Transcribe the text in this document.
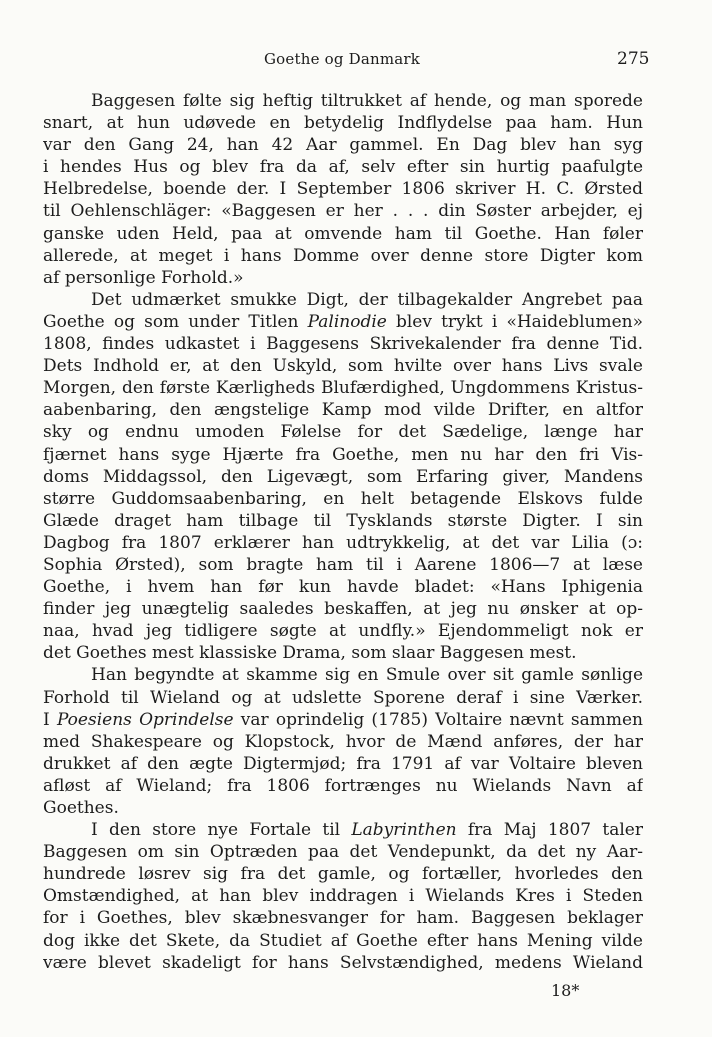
Goethe og Danmark	275
Baggesen følte sig heftig tiltrukket af hende, og man sporede
snart, at hun udøvede en betydelig Indflydelse paa ham. Hun
var den Gang 24, han 42 Aar gammel. En Dag blev han syg
i hendes Hus og blev fra da af, selv efter sin hurtig paafulgte
Helbredelse, boende der. I September 1806 skriver H. C. Ørsted
til Oehlenschläger: «Baggesen er her . . . din Søster arbejder, ej
ganske uden Held, paa at omvende ham til Goethe. Han føler
allerede, at meget i hans Domme over denne store Digter kom
af personlige Forhold.»
Det udmærket smukke Digt, der tilbagekalder Angrebet paa
Goethe og som under Titlen Palinodie blev trykt i «Haideblumen»
1808, findes udkastet i Baggesens Skrivekalender fra denne Tid.
Dets Indhold er, at den Uskyld, som hvilte over hans Livs svale
Morgen, den første Kærligheds Blufærdighed, Ungdommens Kristus-
aabenbaring, den ængstelige Kamp mod vilde Drifter, en altfor
sky og endnu umoden Følelse for det Sædelige, længe har
fjærnet hans syge Hjærte fra Goethe, men nu har den fri Vis-
doms Middagssol, den Ligevægt, som Erfaring giver, Mandens
større Guddomsaabenbaring, en helt betagende Elskovs fulde
Glæde draget ham tilbage til Tysklands største Digter. I sin
Dagbog fra 1807 erklærer han udtrykkelig, at det var Lilia (ɔ:
Sophia Ørsted), som bragte ham til i Aarene 1806—7 at læse
Goethe, i hvem han før kun havde bladet: «Hans Iphigenia
finder jeg unægtelig saaledes beskaffen, at jeg nu ønsker at op-
naa, hvad jeg tidligere søgte at undfly.» Ejendommeligt nok er
det Goethes mest klassiske Drama, som slaar Baggesen mest.
Han begyndte at skamme sig en Smule over sit gamle sønlige
Forhold til Wieland og at udslette Sporene deraf i sine Værker.
I Poesiens Oprindelse var oprindelig (1785) Voltaire nævnt sammen
med Shakespeare og Klopstock, hvor de Mænd anføres, der har
drukket af den ægte Digtermjød; fra 1791 af var Voltaire bleven
afløst af Wieland; fra 1806 fortrænges nu Wielands Navn af
Goethes.
I den store nye Fortale til Labyrinthen fra Maj 1807 taler
Baggesen om sin Optræden paa det Vendepunkt, da det ny Aar-
hundrede løsrev sig fra det gamle, og fortæller, hvorledes den
Omstændighed, at han blev inddragen i Wielands Kres i Steden
for i Goethes, blev skæbnesvanger for ham. Baggesen beklager
dog ikke det Skete, da Studiet af Goethe efter hans Mening vilde
være blevet skadeligt for hans Selvstændighed, medens Wieland
18*
